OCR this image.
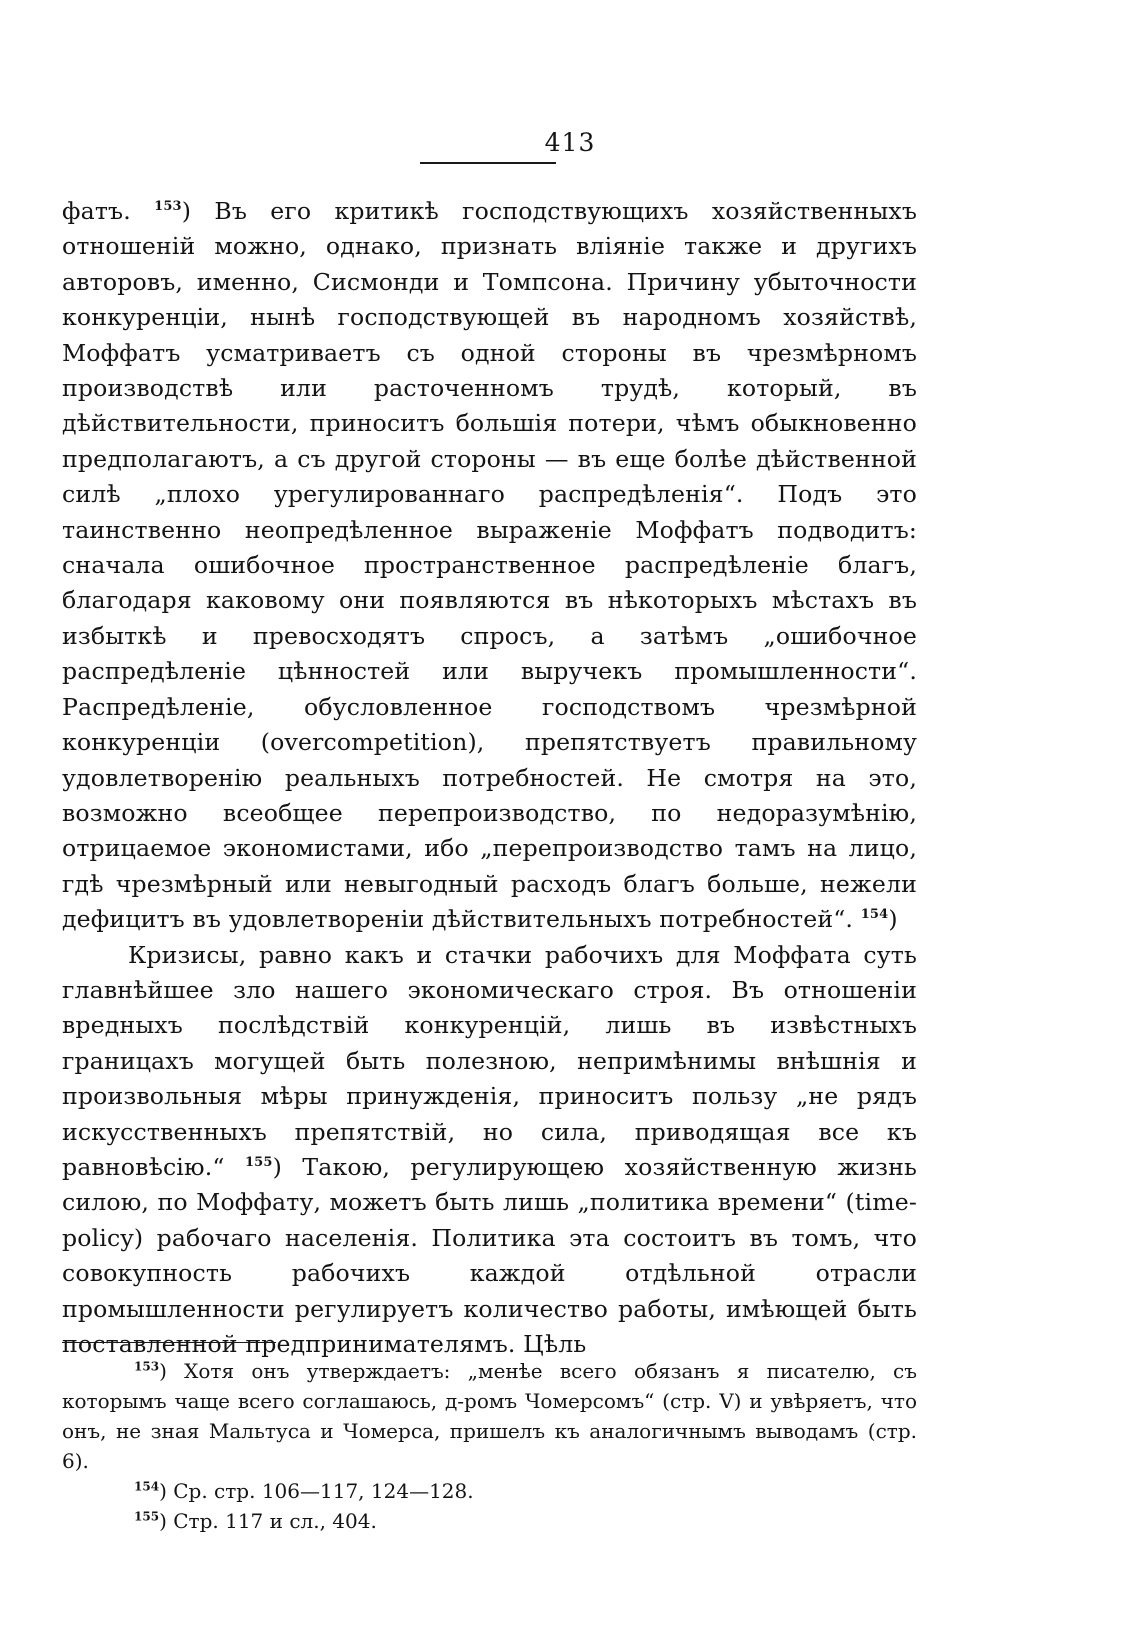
413

фатъ. $^{153}$) Въ его критикѣ господствующихъ хозяйственныхъ отношенiй можно, однако, признать влiянiе также и другихъ авторовъ, именно, Сисмонди и Томпсона. Причину убыточности конкуренцiи, нынѣ господствующей въ народномъ хозяйствѣ, Моффатъ усматриваетъ съ одной стороны въ чрезмѣрномъ производствѣ или расточенномъ трудѣ, который, въ дѣйствительности, приноситъ большiя потери, чѣмъ обыкновенно предполагаютъ, а съ другой стороны — въ еще болѣе дѣйственной силѣ „плохо урегулированнаго распредѣленiя“. Подъ это таинственно неопредѣленное выраженiе Моффатъ подводитъ: сначала ошибочное пространственное распредѣленiе благъ, благодаря каковому они появляются въ нѣкоторыхъ мѣстахъ въ избыткѣ и превосходятъ спросъ, а затѣмъ „ошибочное распредѣленiе цѣнностей или выручекъ промышленности“. Распредѣленiе, обусловленное господствомъ чрезмѣрной конкуренцiи (overcompetition), препятствуетъ правильному удовлетворенiю реальныхъ потребностей. Не смотря на это, возможно всеобщее перепроизводство, по недоразумѣнiю, отрицаемое экономистами, ибо „перепроизводство тамъ на лицо, гдѣ чрезмѣрный или невыгодный расходъ благъ больше, нежели дефицитъ въ удовлетворенiи дѣйствительныхъ потребностей“. $^{154}$)

Кризисы, равно какъ и стачки рабочихъ для Моффата суть главнѣйшее зло нашего экономическаго строя. Въ отношенiи вредныхъ послѣдствiй конкуренцiй, лишь въ извѣстныхъ границахъ могущей быть полезною, непримѣнимы внѣшнiя и произвольныя мѣры принужденiя, приноситъ пользу „не рядъ искусственныхъ препятствiй, но сила, приводящая все къ равновѣсiю.“ $^{155}$) Такою, регулирующею хозяйственную жизнь силою, по Моффату, можетъ быть лишь „политика времени“ (time-policy) рабочаго населенiя. Политика эта состоитъ въ томъ, что совокупность рабочихъ каждой отдѣльной отрасли промышленности регулируетъ количество работы, имѣющей быть поставленной предпринимателямъ. Цѣль

$^{153}$) Хотя онъ утверждаетъ: „менѣе всего обязанъ я писателю, съ которымъ чаще всего соглашаюсь, д-ромъ Чомерсомъ“ (стр. V) и увѣряетъ, что онъ, не зная Мальтуса и Чомерса, пришелъ къ аналогичнымъ выводамъ (стр. 6).

$^{154}$) Ср. стр. 106—117, 124—128.

$^{155}$) Стр. 117 и сл., 404.
